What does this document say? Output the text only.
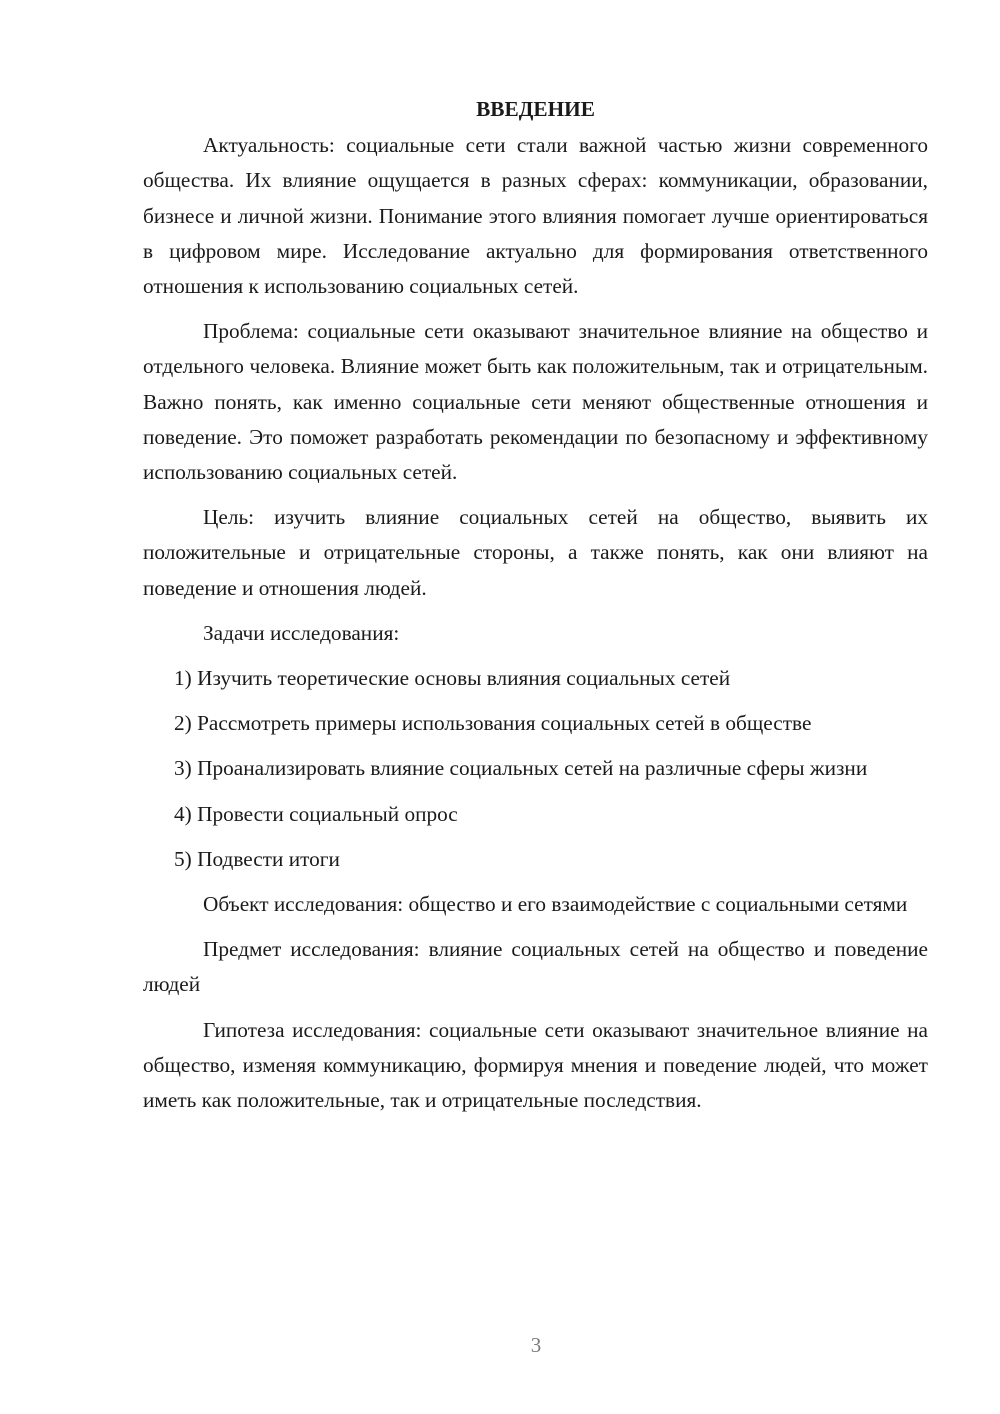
ВВЕДЕНИЕ

Актуальность: социальные сети стали важной частью жизни современного общества. Их влияние ощущается в разных сферах: коммуникации, образовании, бизнесе и личной жизни. Понимание этого влияния помогает лучше ориентироваться в цифровом мире. Исследование актуально для формирования ответственного отношения к использованию социальных сетей.

Проблема: социальные сети оказывают значительное влияние на общество и отдельного человека. Влияние может быть как положительным, так и отрицательным. Важно понять, как именно социальные сети меняют общественные отношения и поведение. Это поможет разработать рекомендации по безопасному и эффективному использованию социальных сетей.

Цель: изучить влияние социальных сетей на общество, выявить их положительные и отрицательные стороны, а также понять, как они влияют на поведение и отношения людей.

Задачи исследования:

1) Изучить теоретические основы влияния социальных сетей

2) Рассмотреть примеры использования социальных сетей в обществе

3) Проанализировать влияние социальных сетей на различные сферы жизни

4) Провести социальный опрос

5) Подвести итоги

Объект исследования: общество и его взаимодействие с социальными сетями

Предмет исследования: влияние социальных сетей на общество и поведение людей

Гипотеза исследования: социальные сети оказывают значительное влияние на общество, изменяя коммуникацию, формируя мнения и поведение людей, что может иметь как положительные, так и отрицательные последствия.

3
